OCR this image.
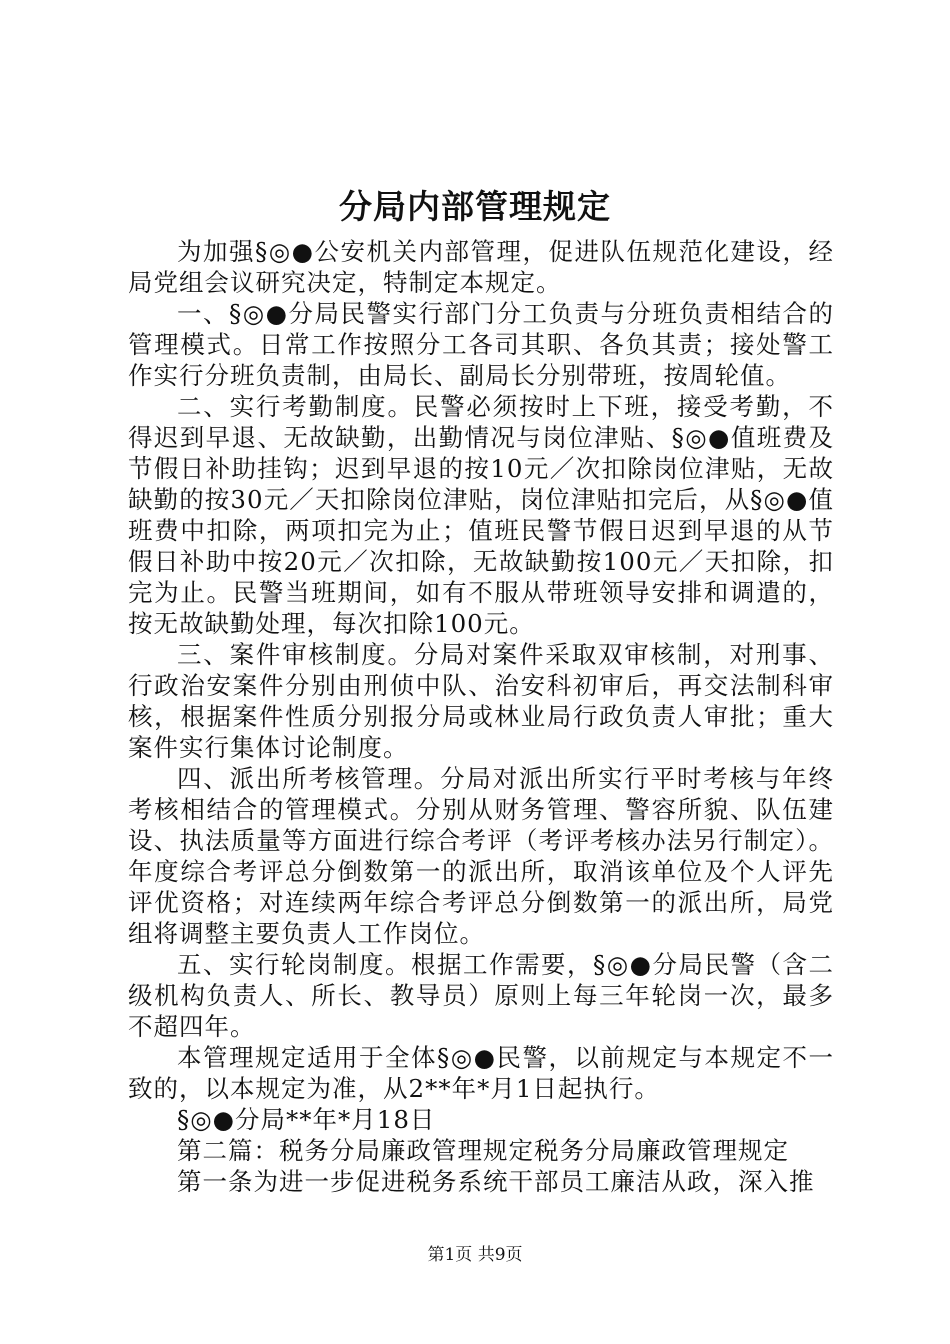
分局内部管理规定

为加强§◎●公安机关内部管理，促进队伍规范化建设，经局党组会议研究决定，特制定本规定。

一、§◎●分局民警实行部门分工负责与分班负责相结合的管理模式。日常工作按照分工各司其职、各负其责；接处警工作实行分班负责制，由局长、副局长分别带班，按周轮值。

二、实行考勤制度。民警必须按时上下班，接受考勤，不得迟到早退、无故缺勤，出勤情况与岗位津贴、§◎●值班费及节假日补助挂钩；迟到早退的按10元／次扣除岗位津贴，无故缺勤的按30元／天扣除岗位津贴，岗位津贴扣完后，从§◎●值班费中扣除，两项扣完为止；值班民警节假日迟到早退的从节假日补助中按20元／次扣除，无故缺勤按100元／天扣除，扣完为止。民警当班期间，如有不服从带班领导安排和调遣的，按无故缺勤处理，每次扣除100元。

三、案件审核制度。分局对案件采取双审核制，对刑事、行政治安案件分别由刑侦中队、治安科初审后，再交法制科审核，根据案件性质分别报分局或林业局行政负责人审批；重大案件实行集体讨论制度。

四、派出所考核管理。分局对派出所实行平时考核与年终考核相结合的管理模式。分别从财务管理、警容所貌、队伍建设、执法质量等方面进行综合考评（考评考核办法另行制定）。年度综合考评总分倒数第一的派出所，取消该单位及个人评先评优资格；对连续两年综合考评总分倒数第一的派出所，局党组将调整主要负责人工作岗位。

五、实行轮岗制度。根据工作需要，§◎●分局民警（含二级机构负责人、所长、教导员）原则上每三年轮岗一次，最多不超四年。

本管理规定适用于全体§◎●民警，以前规定与本规定不一致的，以本规定为准，从2**年*月1日起执行。

§◎●分局**年*月18日

第二篇：税务分局廉政管理规定税务分局廉政管理规定

第一条为进一步促进税务系统干部员工廉洁从政，深入推

第1页 共9页
